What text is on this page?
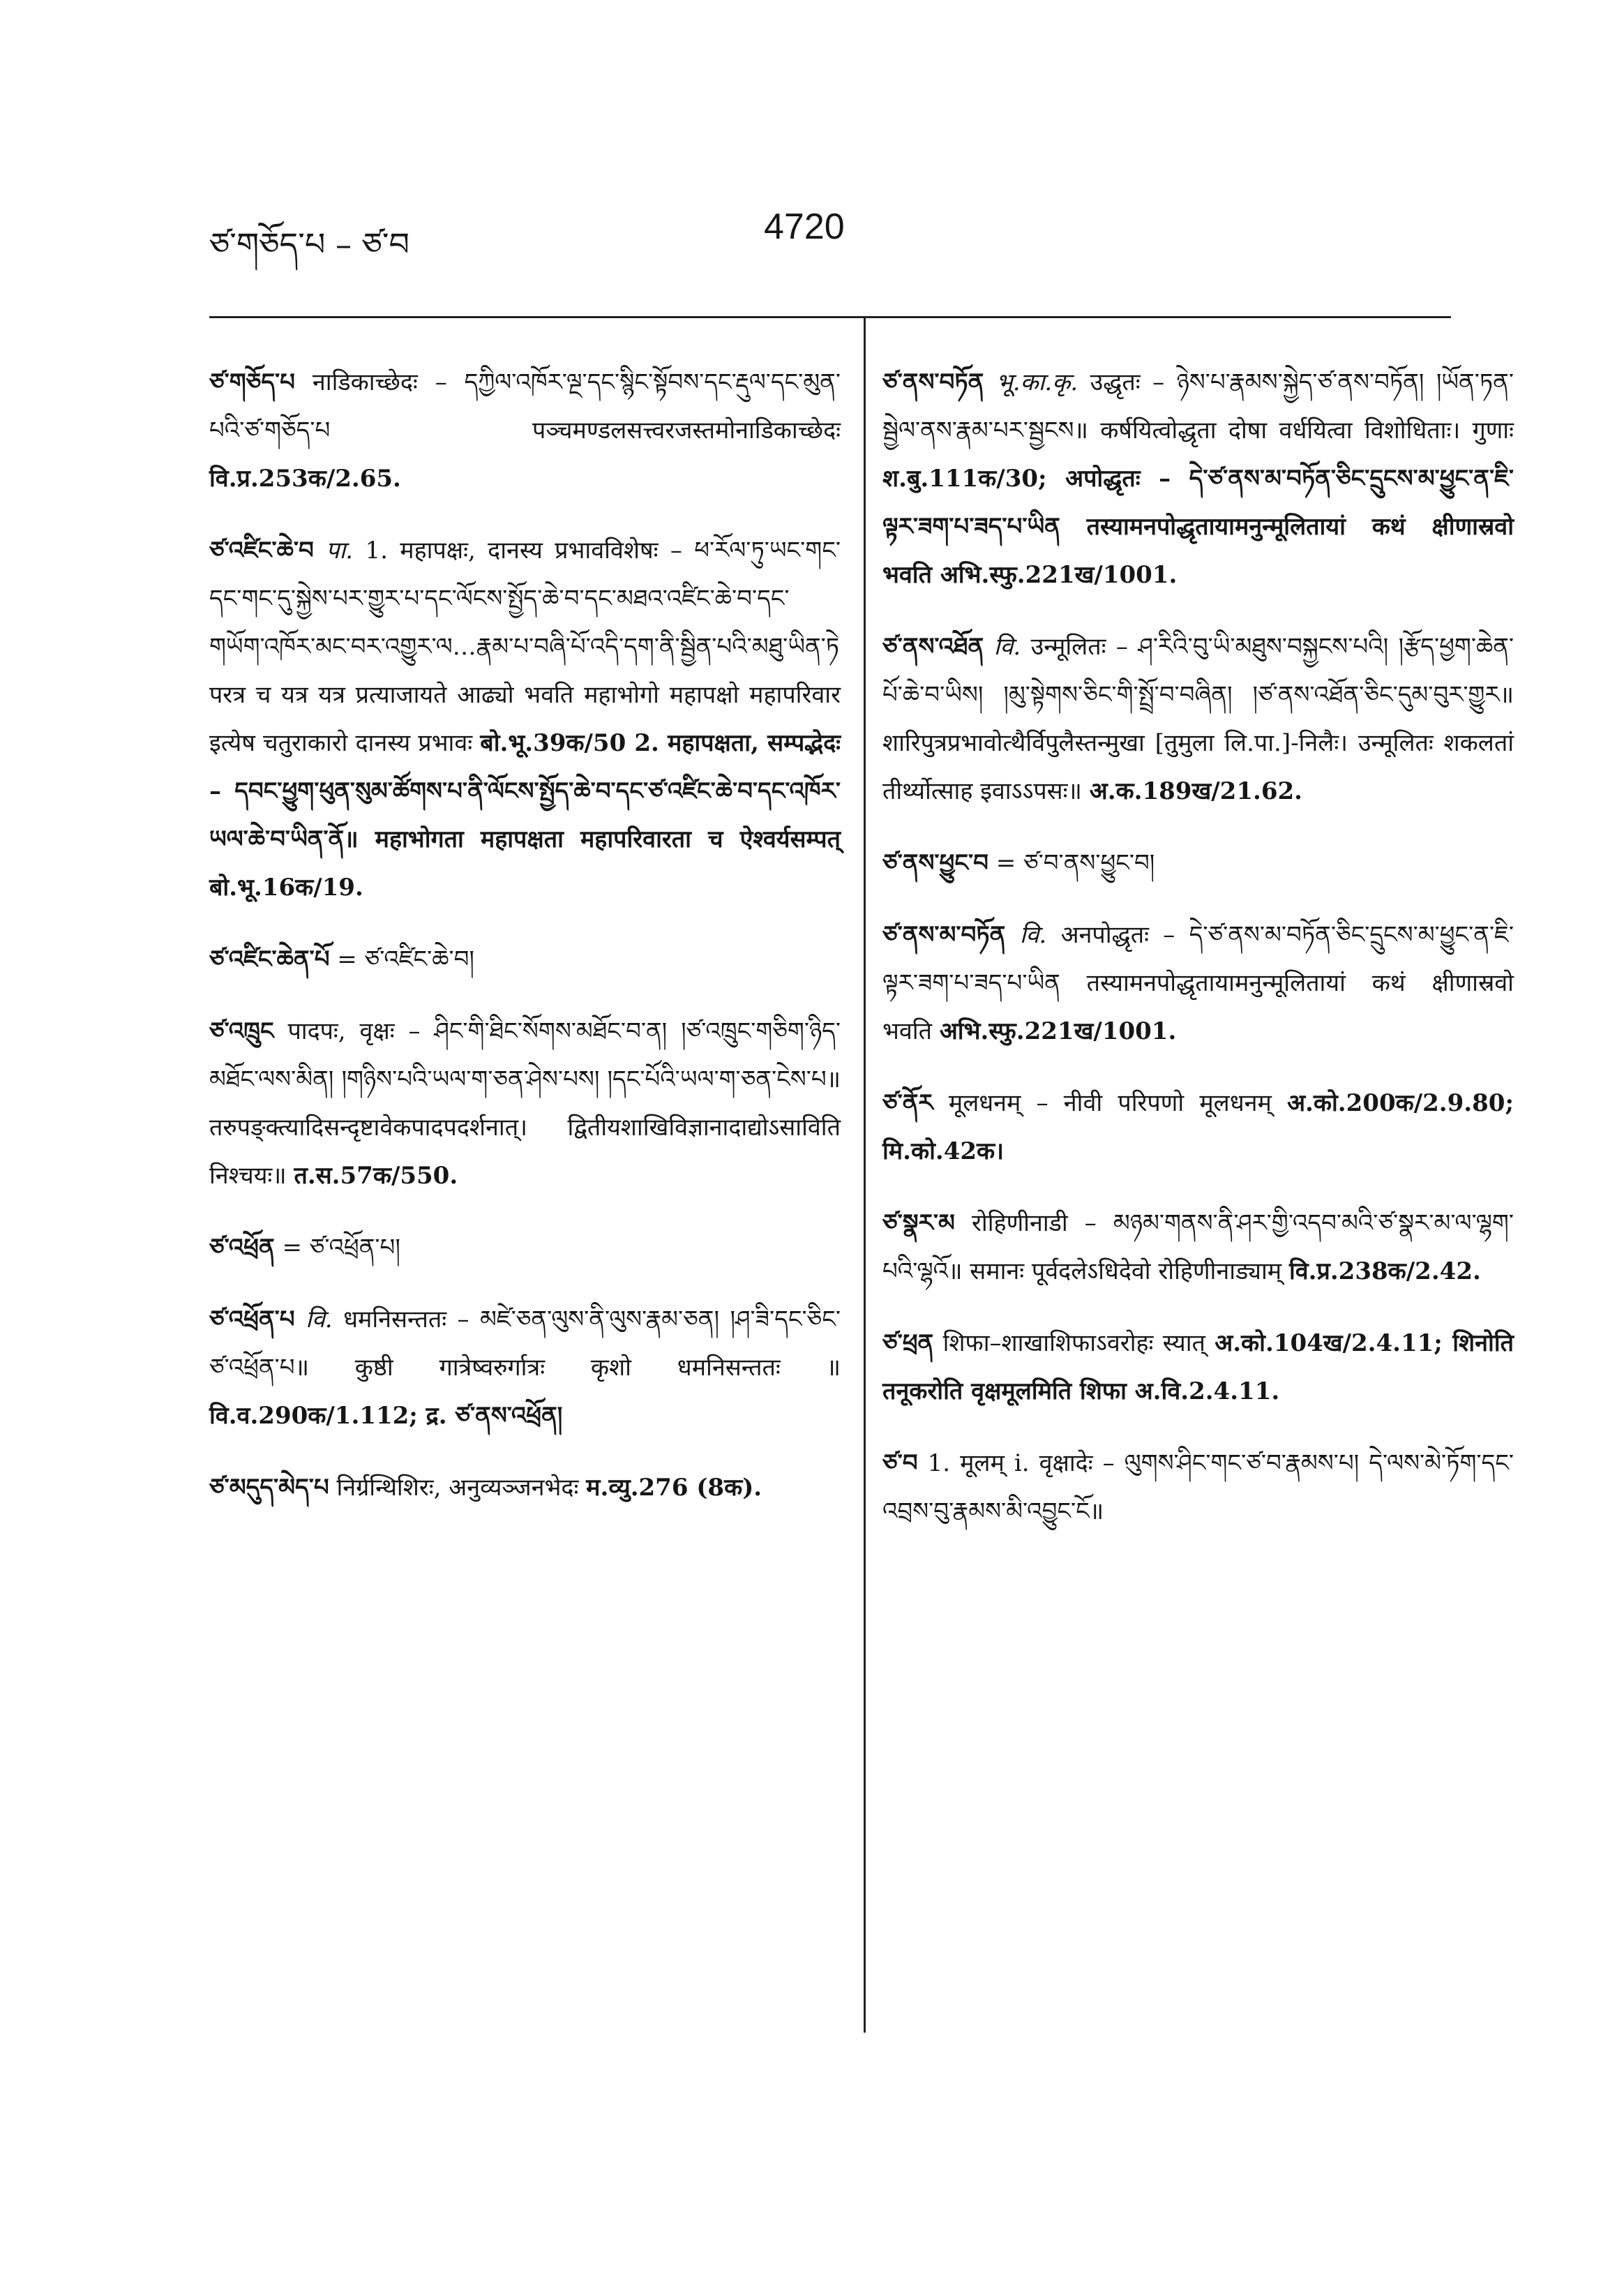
ཙ་གཅོད་པ – ཙ་བ	4720

ཙ་གཅོད་པ नाडिकाच्छेदः – དཀྱིལ་འཁོར་ལྔ་དང་སྙིང་སྟོབས་དང་རྡུལ་དང་མུན་པའི་ཙ་གཅོད་པ पञ्चमण्डलसत्त्वरजस्तमोनाडिकाच्छेदः वि.प्र.253क/2.65.

ཙ་འཛིང་ཆེ་བ पा. 1. महापक्षः, दानस्य प्रभावविशेषः – ཕ་རོལ་ཏུ་ཡང་གང་དང་གང་དུ་སྐྱེས་པར་གྱུར་པ་དང་ལོངས་སྤྱོད་ཆེ་བ་དང་མཐའ་འཛིང་ཆེ་བ་དང་གཡོག་འཁོར་མང་བར་འགྱུར་ལ…རྣམ་པ་བཞི་པོ་འདི་དག་ནི་སྦྱིན་པའི་མཐུ་ཡིན་ཏེ परत्र च यत्र यत्र प्रत्याजायते आढ्यो भवति महाभोगो महापक्षो महापरिवार इत्येष चतुराकारो दानस्य प्रभावः बो.भू.39क/50 2. महापक्षता, सम्पद्भेदः – དབང་ཕྱུག་ཕུན་སུམ་ཚོགས་པ་ནི་ལོངས་སྤྱོད་ཆེ་བ་དང་ཙ་འཛིང་ཆེ་བ་དང་འཁོར་ཡལ་ཆེ་བ་ཡིན་ནོ॥ महाभोगता महापक्षता महापरिवारता च ऐश्वर्यसम्पत् बो.भू.16क/19.

ཙ་འཛིང་ཆེན་པོ = ཙ་འཛིང་ཆེ་བ།

ཙ་འཁྲུང पादपः, वृक्षः – ཤིང་གི་ཐིང་སོགས་མཐོང་བ་ན། །ཙ་འཁྲུང་གཅིག་ཉིད་མཐོང་ལས་མིན། །གཉིས་པའི་ཡལ་ག་ཅན་ཤེས་པས། །དང་པོའི་ཡལ་ག་ཅན་ངེས་པ॥ तरुपङ्क्त्यादिसन्दृष्टावेकपादपदर्शनात्। द्वितीयशाखिविज्ञानादाद्योऽसाविति निश्चयः॥ त.स.57क/550.

ཙ་འཕྲོན = ཙ་འཕྲོན་པ།

ཙ་འཕྲོན་པ वि. धमनिसन्ततः – མཛེ་ཅན་ལུས་ནི་ལུས་རྣམ་ཅན། །ཤ་ཟི་དང་ཅིང་ཙ་འཕྲོན་པ॥ कुष्ठी गात्रेष्वरुर्गात्रः कृशो धमनिसन्ततः ॥ वि.व.290क/1.112; द्र. ཙ་ནས་འཕྲོན།

ཙ་མདུད་མེད་པ निर्ग्रन्थिशिरः, अनुव्यञ्जनभेदः म.व्यु.276 (8क).

ཙ་ནས་བཏོན भू.का.कृ. उद्धृतः – ཉེས་པ་རྣམས་སྐྱེད་ཙ་ནས་བཏོན། །ཡོན་ཏན་སྦྱེལ་ནས་རྣམ་པར་སྦྱངས॥ कर्षयित्वोद्धृता दोषा वर्धयित्वा विशोधिताः। गुणाः श.बु.111क/30; अपोद्धृतः – དེ་ཙ་ནས་མ་བཏོན་ཅིང་དྲུངས་མ་ཕྱུང་ན་ཇི་ལྟར་ཟག་པ་ཟད་པ་ཡིན तस्यामनपोद्धृतायामनुन्मूलितायां कथं क्षीणास्रवो भवति अभि.स्फु.221ख/1001.

ཙ་ནས་འཐོན वि. उन्मूलितः – ཤ་རིའི་བུ་ཡི་མཐུས་བསྐྱངས་པའི། །རྩོད་ཕྱག་ཆེན་པོ་ཆེ་བ་ཡིས། །མུ་སྟེགས་ཅིང་གི་སྤྲོ་བ་བཞིན། །ཙ་ནས་འཐོན་ཅིང་དུམ་བུར་གྱུར॥ शारिपुत्रप्रभावोत्थैर्विपुलैस्तन्मुखा [तुमुला लि.पा.]-निलैः। उन्मूलितः शकलतां तीर्थ्योत्साह इवाऽऽपसः॥ अ.क.189ख/21.62.

ཙ་ནས་ཕྱུང་བ = ཙ་བ་ནས་ཕྱུང་བ།

ཙ་ནས་མ་བཏོན वि. अनपोद्धृतः – དེ་ཙ་ནས་མ་བཏོན་ཅིང་དྲུངས་མ་ཕྱུང་ན་ཇི་ལྟར་ཟག་པ་ཟད་པ་ཡིན तस्यामनपोद्धृतायामनुन्मूलितायां कथं क्षीणास्रवो भवति अभि.स्फु.221ख/1001.

ཙ་ནོར मूलधनम् – नीवी परिपणो मूलधनम् अ.को.200क/2.9.80; मि.को.42क।

ཙ་སྣར་མ रोहिणीनाडी – མཉམ་གནས་ནི་ཤར་གྱི་འདབ་མའི་ཙ་སྣར་མ་ལ་ལྷག་པའི་ལྷའོ॥ समानः पूर्वदलेऽधिदेवो रोहिणीनाड्याम् वि.प्र.238क/2.42.

ཙ་ཕྲན शिफा–शाखाशिफाऽवरोहः स्यात् अ.को.104ख/2.4.11; शिनोति तनूकरोति वृक्षमूलमिति शिफा अ.वि.2.4.11.

ཙ་བ 1. मूलम् i. वृक्षादेः – ལུགས་ཤིང་གང་ཙ་བ་རྣམས་པ། དེ་ལས་མེ་ཏོག་དང་འབྲས་བུ་རྣམས་མི་འབྱུང་ངོ॥
